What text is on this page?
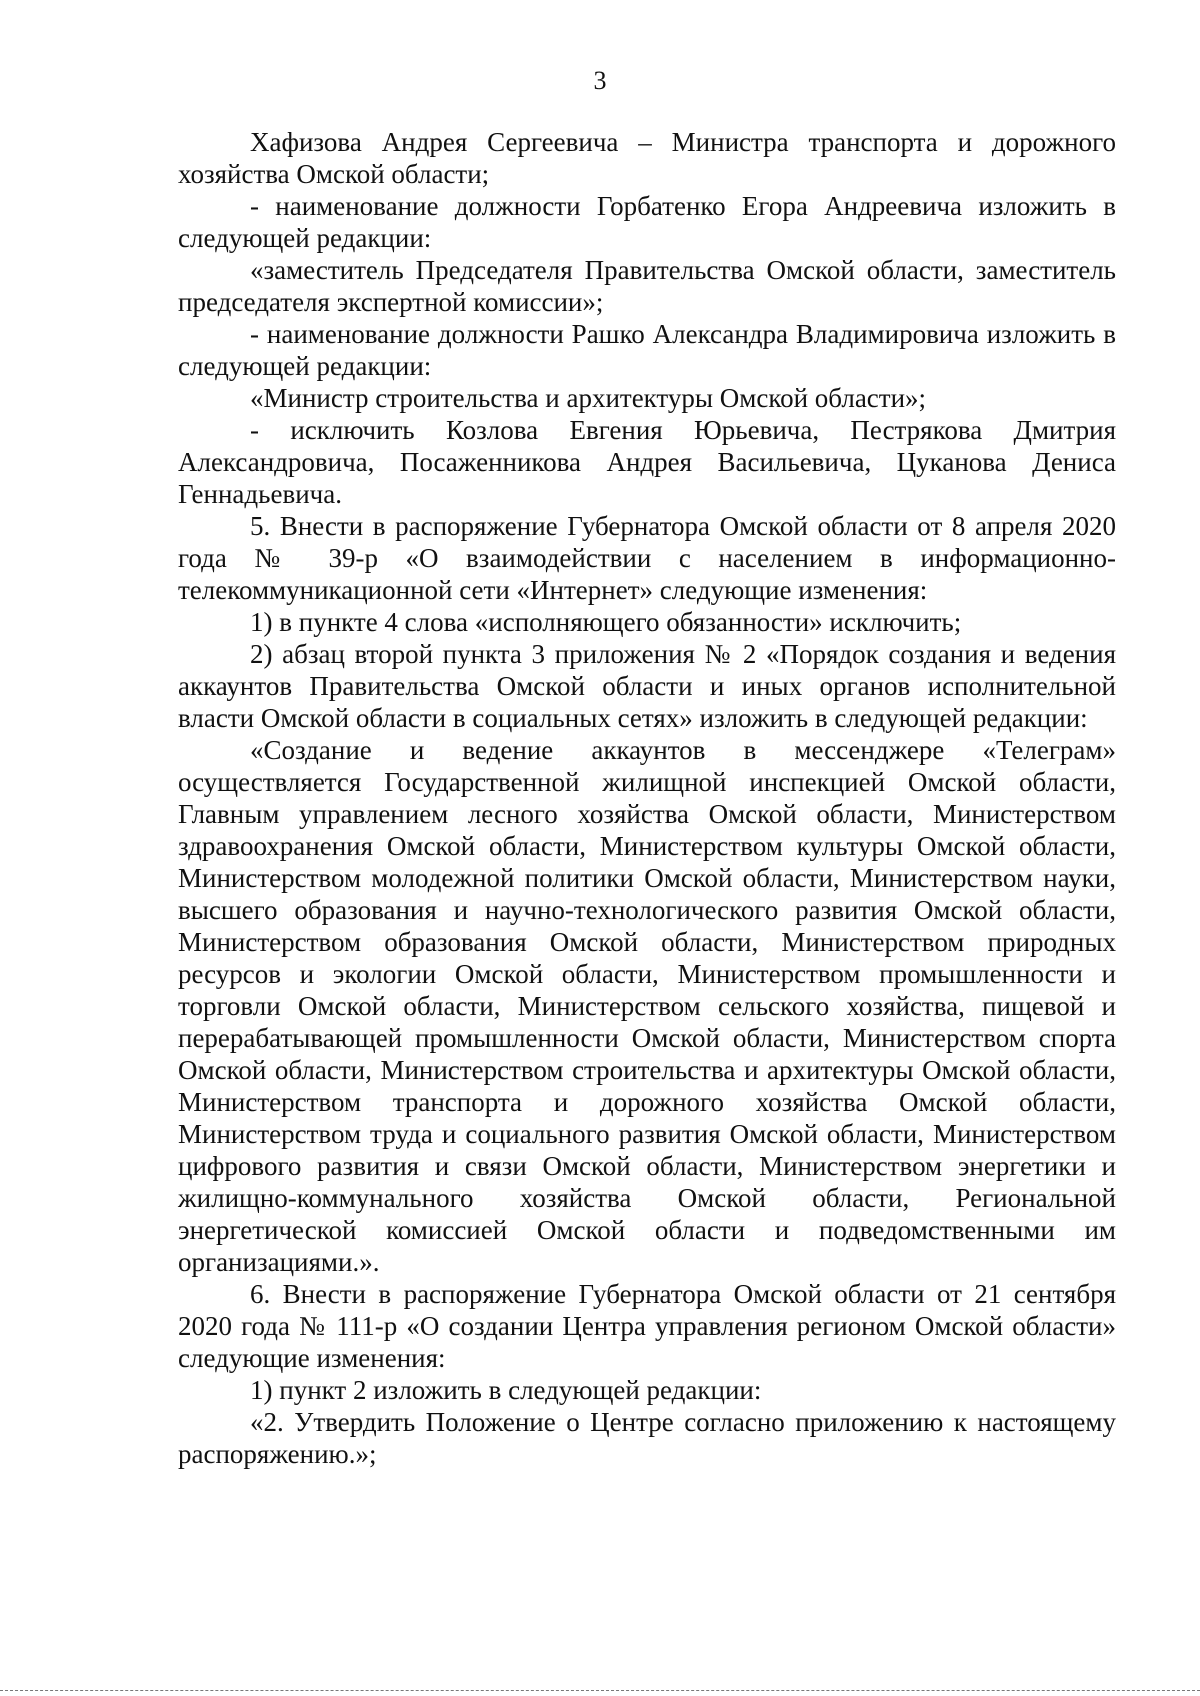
3

Хафизова Андрея Сергеевича – Министра транспорта и дорожного хозяйства Омской области;

- наименование должности Горбатенко Егора Андреевича изложить в следующей редакции:

«заместитель Председателя Правительства Омской области, заместитель председателя экспертной комиссии»;

- наименование должности Рашко Александра Владимировича изложить в следующей редакции:

«Министр строительства и архитектуры Омской области»;

- исключить Козлова Евгения Юрьевича, Пестрякова Дмитрия Александровича, Посаженникова Андрея Васильевича, Цуканова Дениса Геннадьевича.

5. Внести в распоряжение Губернатора Омской области от 8 апреля 2020 года № 39-р «О взаимодействии с населением в информационно-телекоммуникационной сети «Интернет» следующие изменения:

1) в пункте 4 слова «исполняющего обязанности» исключить;

2) абзац второй пункта 3 приложения № 2 «Порядок создания и ведения аккаунтов Правительства Омской области и иных органов исполнительной власти Омской области в социальных сетях» изложить в следующей редакции:

«Создание и ведение аккаунтов в мессенджере «Телеграм» осуществляется Государственной жилищной инспекцией Омской области, Главным управлением лесного хозяйства Омской области, Министерством здравоохранения Омской области, Министерством культуры Омской области, Министерством молодежной политики Омской области, Министерством науки, высшего образования и научно-технологического развития Омской области, Министерством образования Омской области, Министерством природных ресурсов и экологии Омской области, Министерством промышленности и торговли Омской области, Министерством сельского хозяйства, пищевой и перерабатывающей промышленности Омской области, Министерством спорта Омской области, Министерством строительства и архитектуры Омской области, Министерством транспорта и дорожного хозяйства Омской области, Министерством труда и социального развития Омской области, Министерством цифрового развития и связи Омской области, Министерством энергетики и жилищно-коммунального хозяйства Омской области, Региональной энергетической комиссией Омской области и подведомственными им организациями.».

6. Внести в распоряжение Губернатора Омской области от 21 сентября 2020 года № 111-р «О создании Центра управления регионом Омской области» следующие изменения:

1) пункт 2 изложить в следующей редакции:

«2. Утвердить Положение о Центре согласно приложению к настоящему распоряжению.»;
